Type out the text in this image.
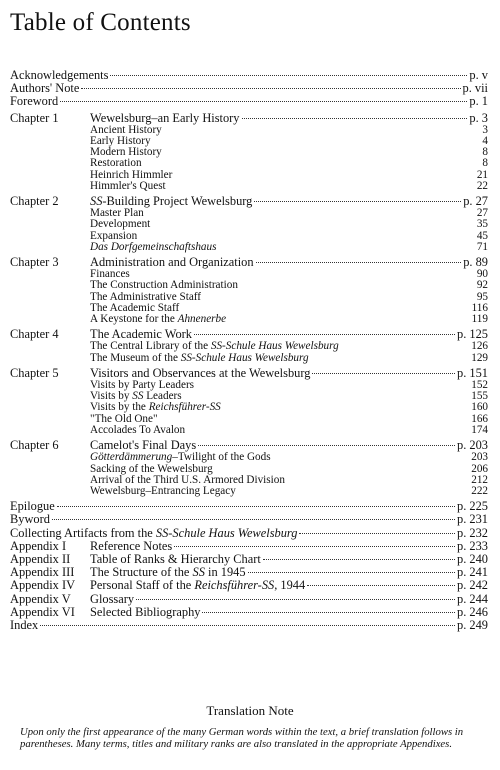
Table of Contents
Acknowledgements	p. v
Authors' Note	p. vii
Foreword	p. 1
Chapter 1	Wewelsburg–an Early History	p. 3
Ancient History	3
Early History	4
Modern History	8
Restoration	8
Heinrich Himmler	21
Himmler's Quest	22
Chapter 2	SS-Building Project Wewelsburg	p. 27
Master Plan	27
Development	35
Expansion	45
Das Dorfgemeinschaftshaus	71
Chapter 3	Administration and Organization	p. 89
Finances	90
The Construction Administration	92
The Administrative Staff	95
The Academic Staff	116
A Keystone for the Ahnenerbe	119
Chapter 4	The Academic Work	p. 125
The Central Library of the SS-Schule Haus Wewelsburg	126
The Museum of the SS-Schule Haus Wewelsburg	129
Chapter 5	Visitors and Observances at the Wewelsburg	p. 151
Visits by Party Leaders	152
Visits by SS Leaders	155
Visits by the Reichsführer-SS	160
"The Old One"	166
Accolades To Avalon	174
Chapter 6	Camelot's Final Days	p. 203
Götterdämmerung–Twilight of the Gods	203
Sacking of the Wewelsburg	206
Arrival of the Third U.S. Armored Division	212
Wewelsburg–Entrancing Legacy	222
Epilogue	p. 225
Byword	p. 231
Collecting Artifacts from the SS-Schule Haus Wewelsburg	p. 232
Appendix I	Reference Notes	p. 233
Appendix II	Table of Ranks & Hierarchy Chart	p. 240
Appendix III	The Structure of the SS in 1945	p. 241
Appendix IV	Personal Staff of the Reichsführer-SS, 1944	p. 242
Appendix V	Glossary	p. 244
Appendix VI	Selected Bibliography	p. 246
Index	p. 249
Translation Note
Upon only the first appearance of the many German words within the text, a brief translation follows in parentheses. Many terms, titles and military ranks are also translated in the appropriate Appendixes.
